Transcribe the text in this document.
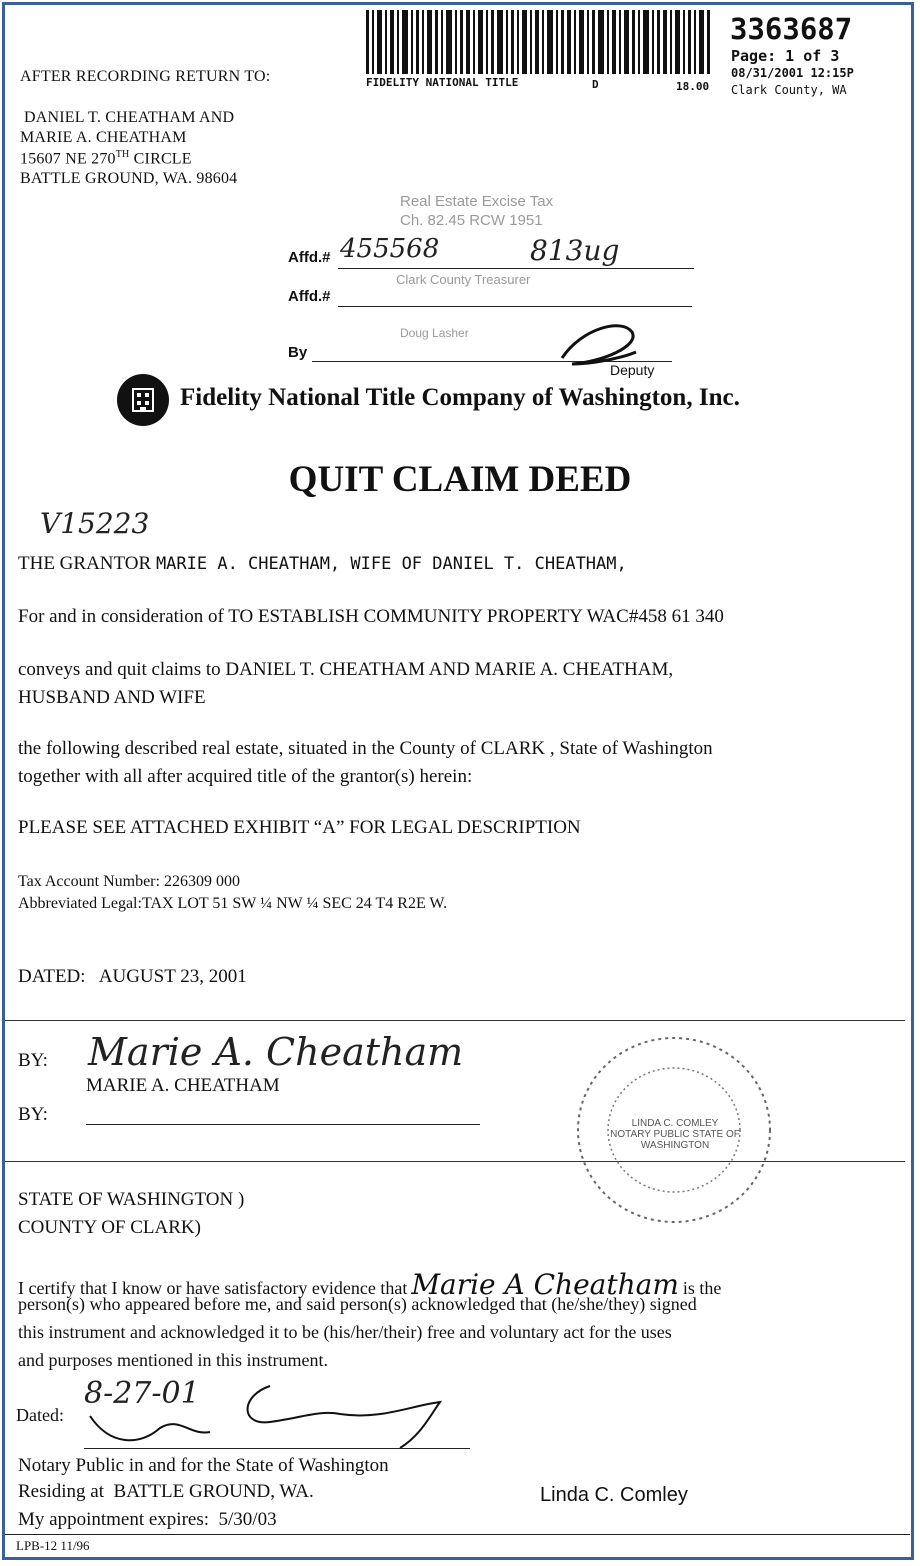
AFTER RECORDING RETURN TO:
DANIEL T. CHEATHAM AND
MARIE A. CHEATHAM
15607 NE 270TH CIRCLE
BATTLE GROUND, WA. 98604
FIDELITY NATIONAL TITLE	D	18.00
3363687
Page: 1 of 3
08/31/2001 12:15P
Clark County, WA
Real Estate Excise Tax
Ch. 82.45 RCW 1951
Clark County Treasurer
Doug Lasher
Affd.# 455568	813ug
Affd.#
By
Deputy
Fidelity National Title Company of Washington, Inc.
QUIT CLAIM DEED
V15223
THE GRANTOR MARIE A. CHEATHAM, WIFE OF DANIEL T. CHEATHAM,
For and in consideration of TO ESTABLISH COMMUNITY PROPERTY WAC#458 61 340
conveys and quit claims to DANIEL T. CHEATHAM AND MARIE A. CHEATHAM,
HUSBAND AND WIFE
the following described real estate, situated in the County of CLARK , State of Washington
together with all after acquired title of the grantor(s) herein:
PLEASE SEE ATTACHED EXHIBIT “A” FOR LEGAL DESCRIPTION
Tax Account Number: 226309 000
Abbreviated Legal:TAX LOT 51 SW ¼ NW ¼ SEC 24 T4 R2E W.
DATED: AUGUST 23, 2001
BY: Marie A. Cheatham
MARIE A. CHEATHAM
BY:	LINDA C. COMLEY NOTARY PUBLIC STATE OF WASHINGTON
STATE OF WASHINGTON )
COUNTY OF CLARK)
I certify that I know or have satisfactory evidence that Marie A Cheatham is the
person(s) who appeared before me, and said person(s) acknowledged that (he/she/they) signed
this instrument and acknowledged it to be (his/her/their) free and voluntary act for the uses
and purposes mentioned in this instrument.
Dated:
8-27-01
Notary Public in and for the State of Washington
Residing at BATTLE GROUND, WA.	Linda C. Comley
My appointment expires: 5/30/03
LPB-12 11/96
